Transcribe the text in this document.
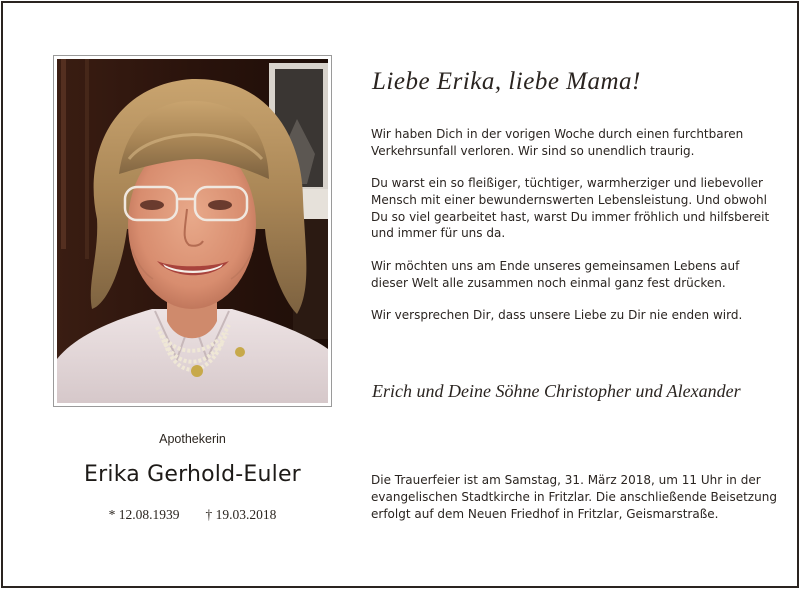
Apothekerin
Erika Gerhold-Euler
* 12.08.1939 † 19.03.2018
Liebe Erika, liebe Mama!

Wir haben Dich in der vorigen Woche durch einen furchtbaren Verkehrsunfall verloren. Wir sind so unendlich traurig.

Du warst ein so fleißiger, tüchtiger, warmherziger und liebevoller Mensch mit einer bewundernswerten Lebensleistung. Und obwohl Du so viel gearbeitet hast, warst Du immer fröhlich und hilfsbereit und immer für uns da.

Wir möchten uns am Ende unseres gemeinsamen Lebens auf dieser Welt alle zusammen noch einmal ganz fest drücken.

Wir versprechen Dir, dass unsere Liebe zu Dir nie enden wird.

Erich und Deine Söhne Christopher und Alexander
Die Trauerfeier ist am Samstag, 31. März 2018, um 11 Uhr in der evangelischen Stadtkirche in Fritzlar. Die anschließende Beisetzung erfolgt auf dem Neuen Friedhof in Fritzlar, Geismarstraße.
